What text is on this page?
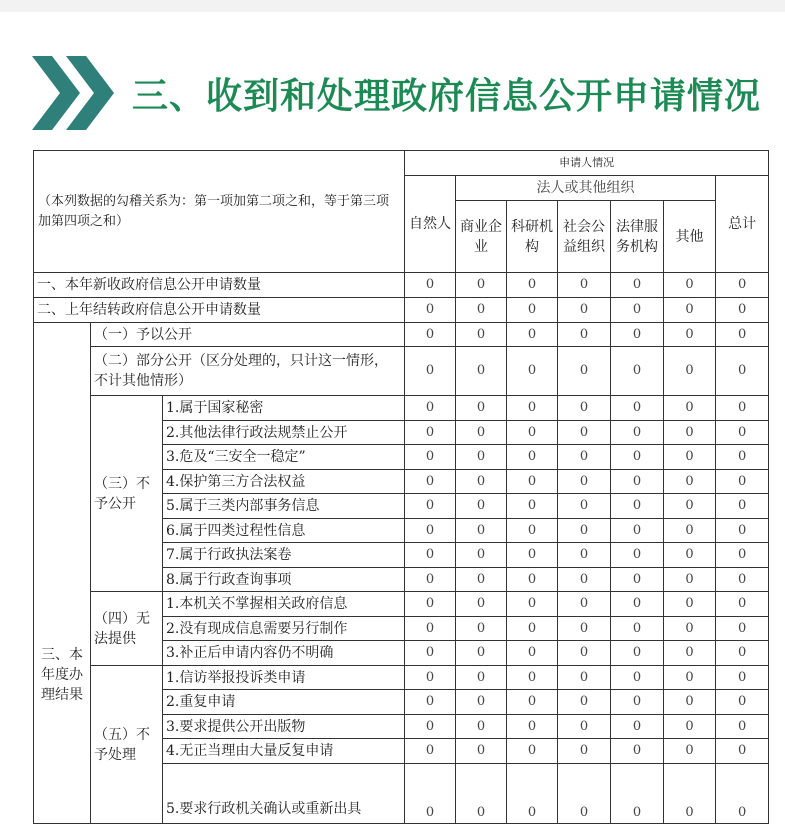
三、收到和处理政府信息公开申请情况
（本列数据的勾稽关系为：第一项加第二项之和，等于第三项加第四项之和）			申请人情况						
			自然人	法人或其他组织					总计
				商业企业	科研机构	社会公益组织	法律服务机构	其他	
一、本年新收政府信息公开申请数量			0	0	0	0	0	0	0
二、上年结转政府信息公开申请数量			0	0	0	0	0	0	0
三、本年度办理结果	（一）予以公开		0	0	0	0	0	0	0
	（二）部分公开（区分处理的，只计这一情形，不计其他情形）		0	0	0	0	0	0	0
	（三）不予公开	1.属于国家秘密	0	0	0	0	0	0	0
		2.其他法律行政法规禁止公开	0	0	0	0	0	0	0
		3.危及“三安全一稳定”	0	0	0	0	0	0	0
		4.保护第三方合法权益	0	0	0	0	0	0	0
		5.属于三类内部事务信息	0	0	0	0	0	0	0
		6.属于四类过程性信息	0	0	0	0	0	0	0
		7.属于行政执法案卷	0	0	0	0	0	0	0
		8.属于行政查询事项	0	0	0	0	0	0	0
	（四）无法提供	1.本机关不掌握相关政府信息	0	0	0	0	0	0	0
		2.没有现成信息需要另行制作	0	0	0	0	0	0	0
		3.补正后申请内容仍不明确	0	0	0	0	0	0	0
	（五）不予处理	1.信访举报投诉类申请	0	0	0	0	0	0	0
		2.重复申请	0	0	0	0	0	0	0
		3.要求提供公开出版物	0	0	0	0	0	0	0
		4.无正当理由大量反复申请	0	0	0	0	0	0	0
		5.要求行政机关确认或重新出具	0	0	0	0	0	0	0
